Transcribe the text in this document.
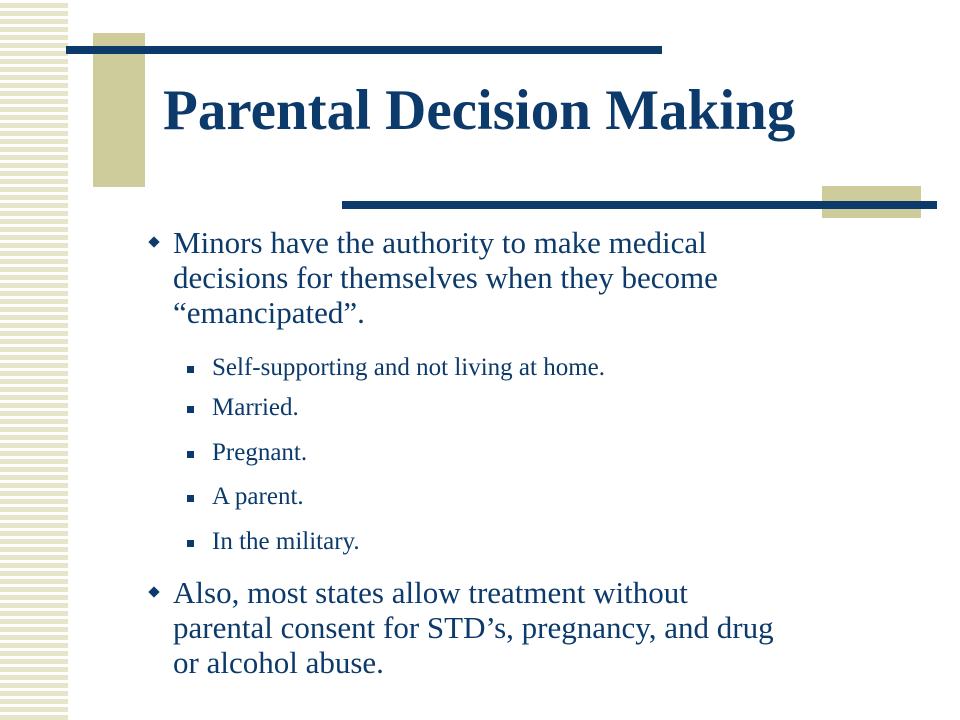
Parental Decision Making
Minors have the authority to make medical
decisions for themselves when they become
“emancipated”.
Self-supporting and not living at home.
Married.
Pregnant.
A parent.
In the military.
Also, most states allow treatment without
parental consent for STD’s, pregnancy, and drug
or alcohol abuse.
